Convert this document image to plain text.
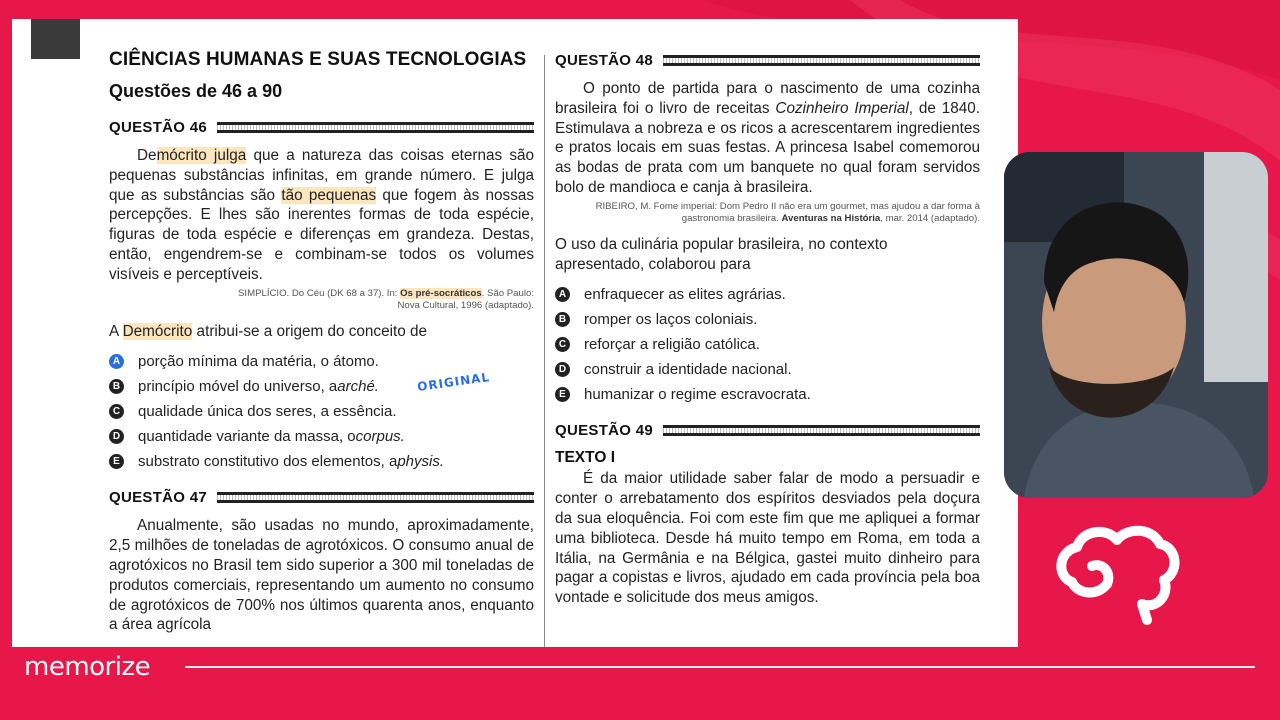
CIÊNCIAS HUMANAS E SUAS TECNOLOGIAS
Questões de 46 a 90
QUESTÃO 46

Demócrito julga que a natureza das coisas eternas são pequenas substâncias infinitas, em grande número. E julga que as substâncias são tão pequenas que fogem às nossas percepções. E lhes são inerentes formas de toda espécie, figuras de toda espécie e diferenças em grandeza. Destas, então, engendrem-se e combinam-se todos os volumes visíveis e perceptíveis.

SIMPLÍCIO. Do Céu (DK 68 a 37). In: Os pré-socráticos. São Paulo:
Nova Cultural, 1996 (adaptado).

A Demócrito atribui-se a origem do conceito de

A porção mínima da matéria, o átomo.
B princípio móvel do universo, a arché.
C qualidade única dos seres, a essência.
D quantidade variante da massa, o corpus.
E substrato constitutivo dos elementos, a physis.
QUESTÃO 47

Anualmente, são usadas no mundo, aproximadamente, 2,5 milhões de toneladas de agrotóxicos. O consumo anual de agrotóxicos no Brasil tem sido superior a 300 mil toneladas de produtos comerciais, representando um aumento no consumo de agrotóxicos de 700% nos últimos quarenta anos, enquanto a área agrícola

ORIGINAL
QUESTÃO 48

O ponto de partida para o nascimento de uma cozinha brasileira foi o livro de receitas Cozinheiro Imperial, de 1840. Estimulava a nobreza e os ricos a acrescentarem ingredientes e pratos locais em suas festas. A princesa Isabel comemorou as bodas de prata com um banquete no qual foram servidos bolo de mandioca e canja à brasileira.

RIBEIRO, M. Fome imperial: Dom Pedro II não era um gourmet, mas ajudou a dar forma à
gastronomia brasileira. Aventuras na História, mar. 2014 (adaptado).

O uso da culinária popular brasileira, no contexto apresentado, colaborou para

A enfraquecer as elites agrárias.
B romper os laços coloniais.
C reforçar a religião católica.
D construir a identidade nacional.
E humanizar o regime escravocrata.
QUESTÃO 49
TEXTO I

É da maior utilidade saber falar de modo a persuadir e conter o arrebatamento dos espíritos desviados pela doçura da sua eloquência. Foi com este fim que me apliquei a formar uma biblioteca. Desde há muito tempo em Roma, em toda a Itália, na Germânia e na Bélgica, gastei muito dinheiro para pagar a copistas e livros, ajudado em cada província pela boa vontade e solicitude dos meus amigos.

memorize
